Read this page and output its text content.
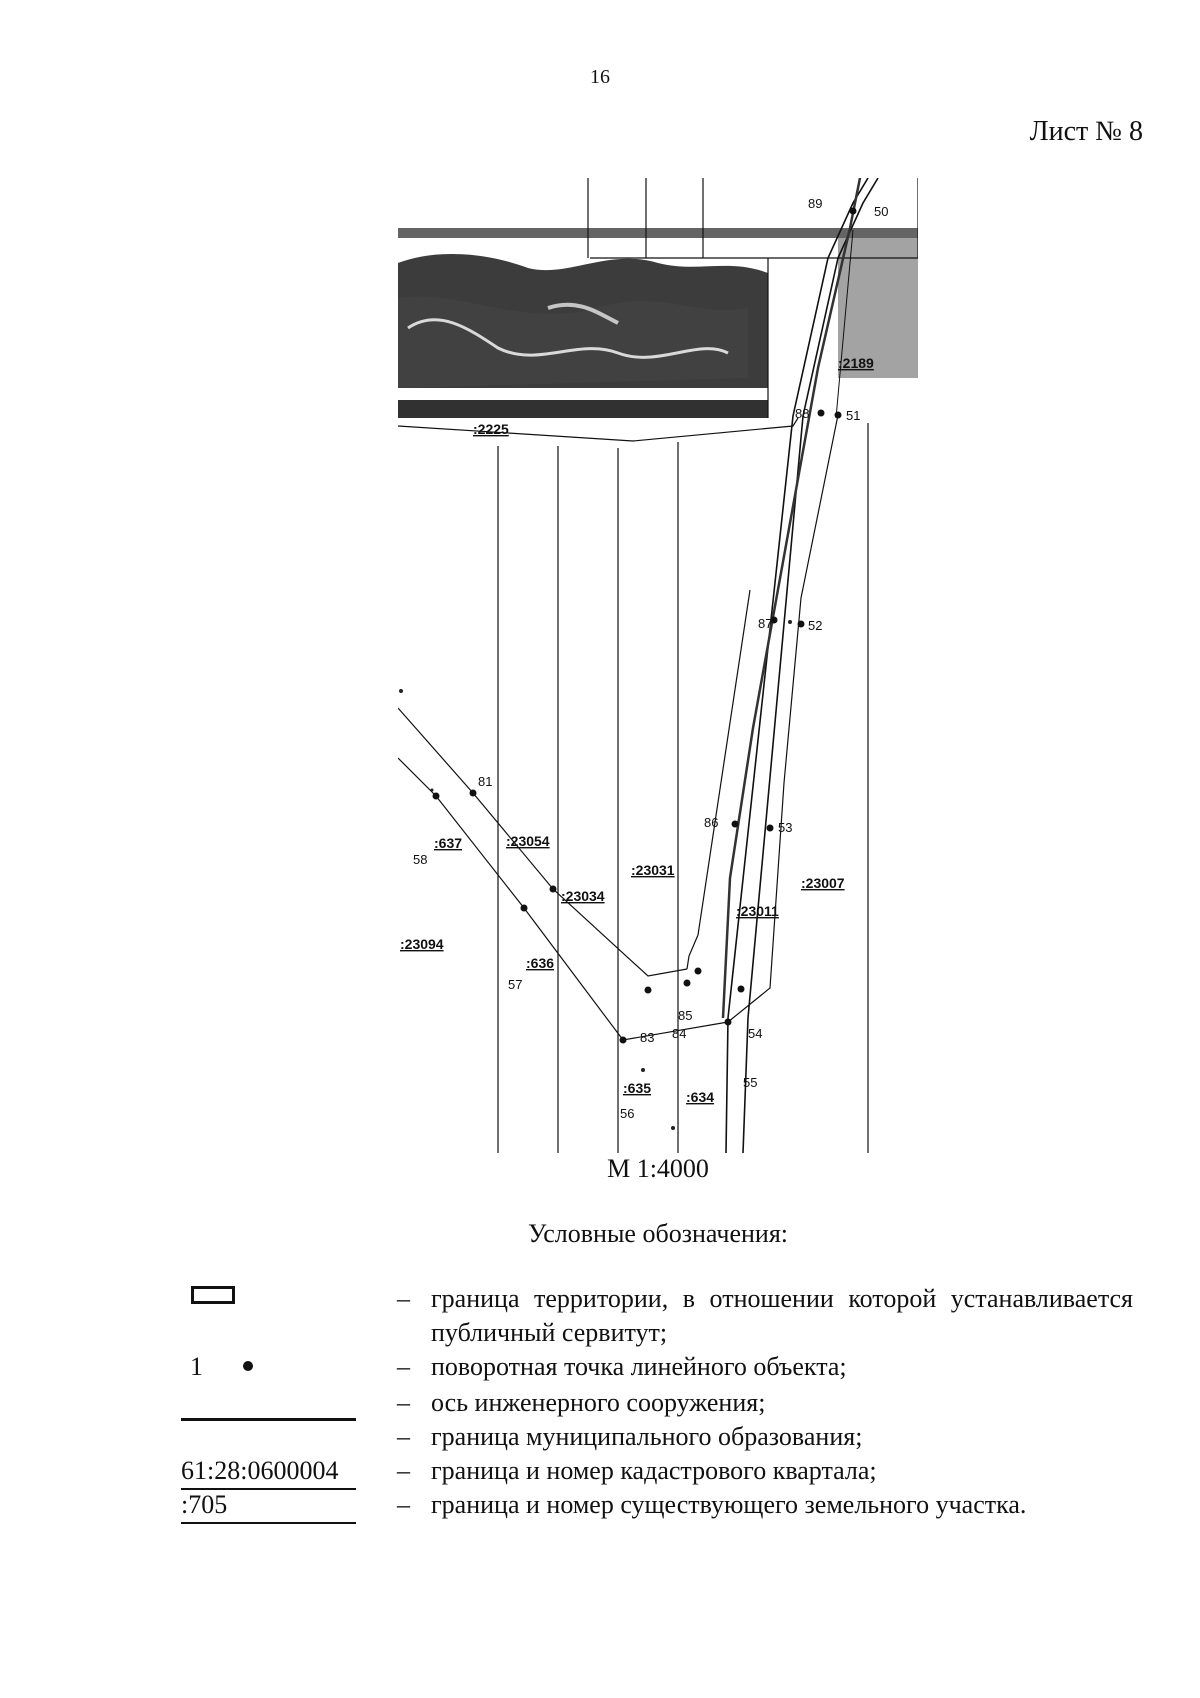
16
Лист № 8
89
50
88	51
87	52
81
86	53
58
57
85
84
83	54
56
55
:2225
:2189
:23054
:637
:23031
:23034
:23011
:23007
:23094
:636
:635
:634
М 1:4000
Условные обозначения:
– граница территории, в отношении которой устанавливается публичный сервитут;
1	– поворотная точка линейного объекта;
– ось инженерного сооружения;
– граница муниципального образования;
61:28:0600004	– граница и номер кадастрового квартала;
:705	– граница и номер существующего земельного участка.
